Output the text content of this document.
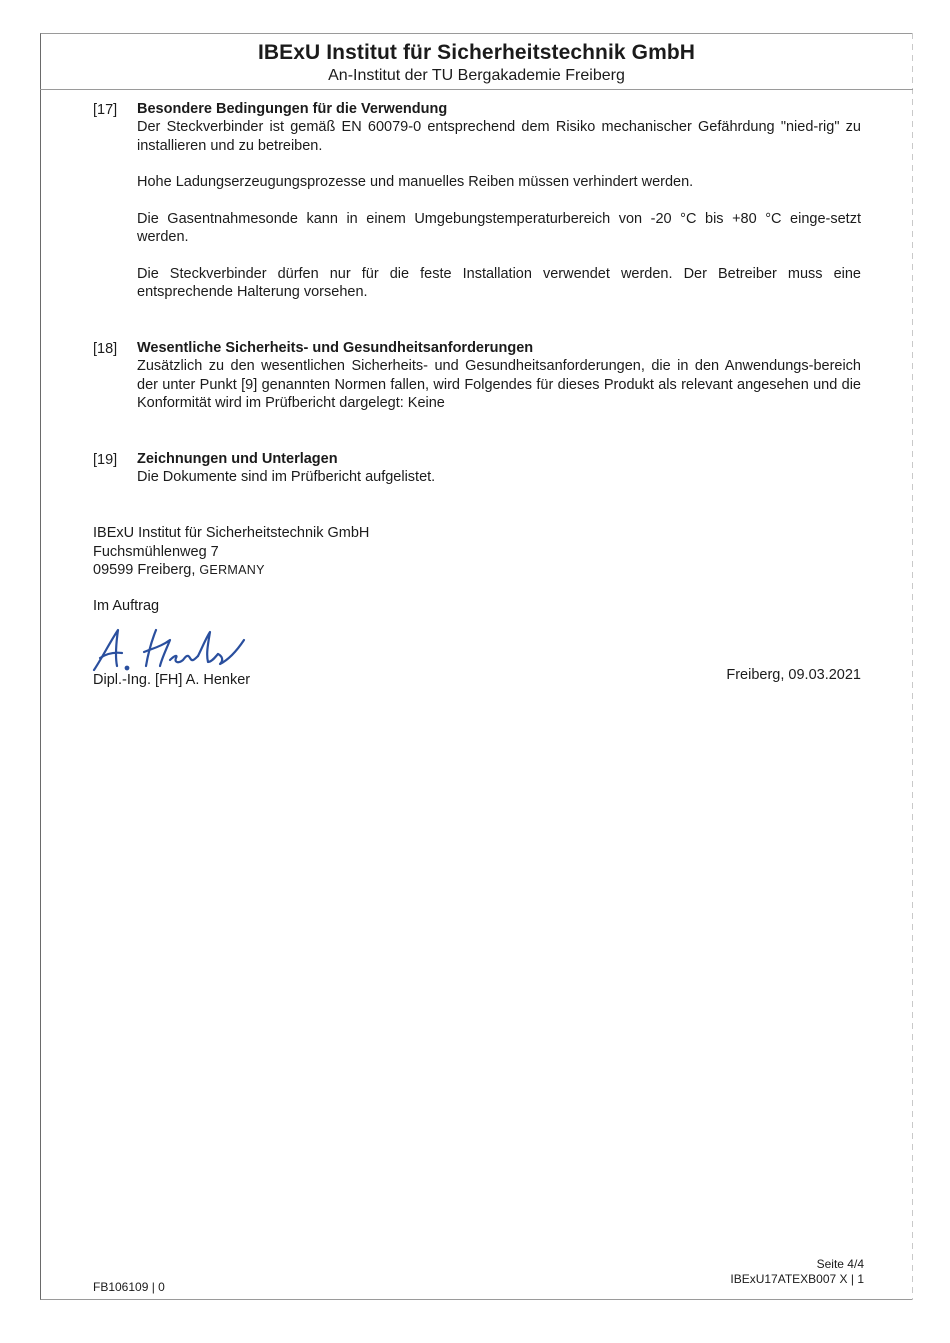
IBExU Institut für Sicherheitstechnik GmbH
An-Institut der TU Bergakademie Freiberg
[17] Besondere Bedingungen für die Verwendung

Der Steckverbinder ist gemäß EN 60079-0 entsprechend dem Risiko mechanischer Gefährdung "nied-rig" zu installieren und zu betreiben.

Hohe Ladungserzeugungsprozesse und manuelles Reiben müssen verhindert werden.

Die Gasentnahmesonde kann in einem Umgebungstemperaturbereich von -20 °C bis +80 °C einge-setzt werden.

Die Steckverbinder dürfen nur für die feste Installation verwendet werden. Der Betreiber muss eine entsprechende Halterung vorsehen.

[18] Wesentliche Sicherheits- und Gesundheitsanforderungen

Zusätzlich zu den wesentlichen Sicherheits- und Gesundheitsanforderungen, die in den Anwendungs-bereich der unter Punkt [9] genannten Normen fallen, wird Folgendes für dieses Produkt als relevant angesehen und die Konformität wird im Prüfbericht dargelegt: Keine

[19] Zeichnungen und Unterlagen

Die Dokumente sind im Prüfbericht aufgelistet.

IBExU Institut für Sicherheitstechnik GmbH
Fuchsmühlenweg 7
09599 Freiberg, GERMANY
Im Auftrag
Dipl.-Ing. [FH] A. Henker	Freiberg, 09.03.2021
FB106109 | 0
Seite 4/4
IBExU17ATEXB007 X | 1
